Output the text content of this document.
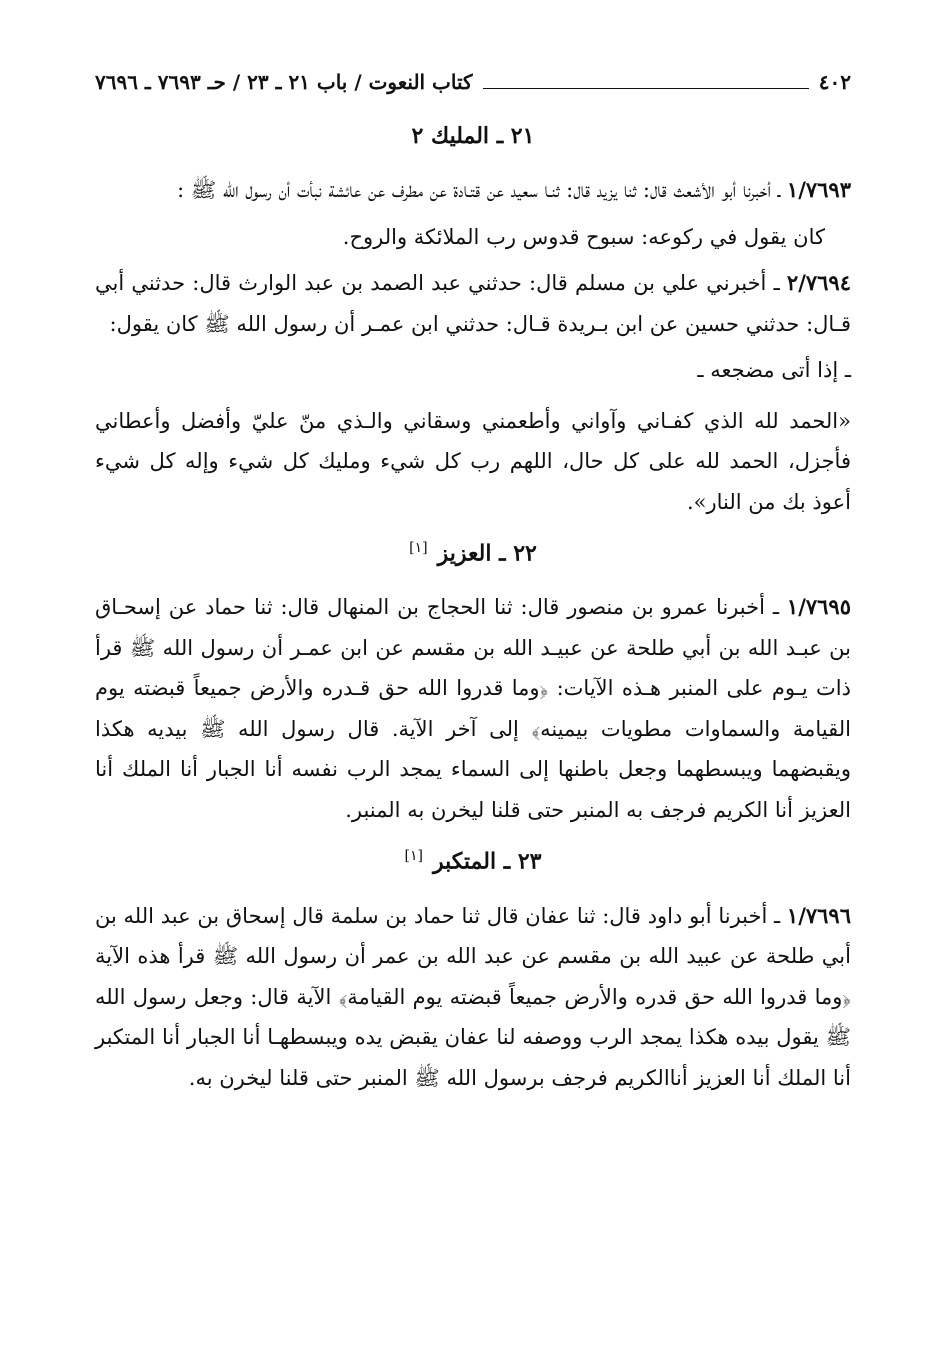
٤٠٢
كتاب النعوت / باب ٢١ ـ ٢٣ / حـ ٧٦٩٣ ـ ٧٦٩٦
٢١ ـ المليك ٢

١/٧٦٩٣ ـ أخبرنا أبو الأشعث قال: ثنا يزيد قال: ثنـا سعيد عن قتـادة عن مطرف عن عائشة نبأت أن رسول الله ﷺ :

كان يقول في ركوعه: سبوح قدوس رب الملائكة والروح.

٢/٧٦٩٤ ـ أخبرني علي بن مسلم قال: حدثني عبد الصمد بن عبد الوارث قال: حدثني أبي قـال: حدثني حسين عن ابن بـريدة قـال: حدثني ابن عمـر أن رسول الله ﷺ كان يقول:

ـ إذا أتى مضجعه ـ

«الحمد لله الذي كفـاني وآواني وأطعمني وسقاني والـذي منّ عليّ وأفضل وأعطاني فأجزل، الحمد لله على كل حال، اللهم رب كل شيء ومليك كل شيء وإله كل شيء أعوذ بك من النار».

٢٢ ـ العزيز[١]

١/٧٦٩٥ ـ أخبرنا عمرو بن منصور قال: ثنا الحجاج بن المنهال قال: ثنا حماد عن إسحـاق بن عبـد الله بن أبي طلحة عن عبيـد الله بن مقسم عن ابن عمـر أن رسول الله ﷺ قرأ ذات يـوم على المنبر هـذه الآيات: ﴿وما قدروا الله حق قـدره والأرض جميعاً قبضته يوم القيامة والسماوات مطويات بيمينه﴾ إلى آخر الآية. قال رسول الله ﷺ بيديه هكذا ويقبضهما ويبسطهما وجعل باطنها إلى السماء يمجد الرب نفسه أنا الجبار أنا الملك أنا العزيز أنا الكريم فرجف به المنبر حتى قلنا ليخرن به المنبر.

٢٣ ـ المتكبر[١]

١/٧٦٩٦ ـ أخبرنا أبو داود قال: ثنا عفان قال ثنا حماد بن سلمة قال إسحاق بن عبد الله بن أبي طلحة عن عبيد الله بن مقسم عن عبد الله بن عمر أن رسول الله ﷺ قرأ هذه الآية ﴿وما قدروا الله حق قدره والأرض جميعاً قبضته يوم القيامة﴾ الآية قال: وجعل رسول الله ﷺ يقول بيده هكذا يمجد الرب ووصفه لنا عفان يقبض يده ويبسطهـا أنا الجبار أنا المتكبر أنا الملك أنا العزيز أناالكريم فرجف برسول الله ﷺ المنبر حتى قلنا ليخرن به.
